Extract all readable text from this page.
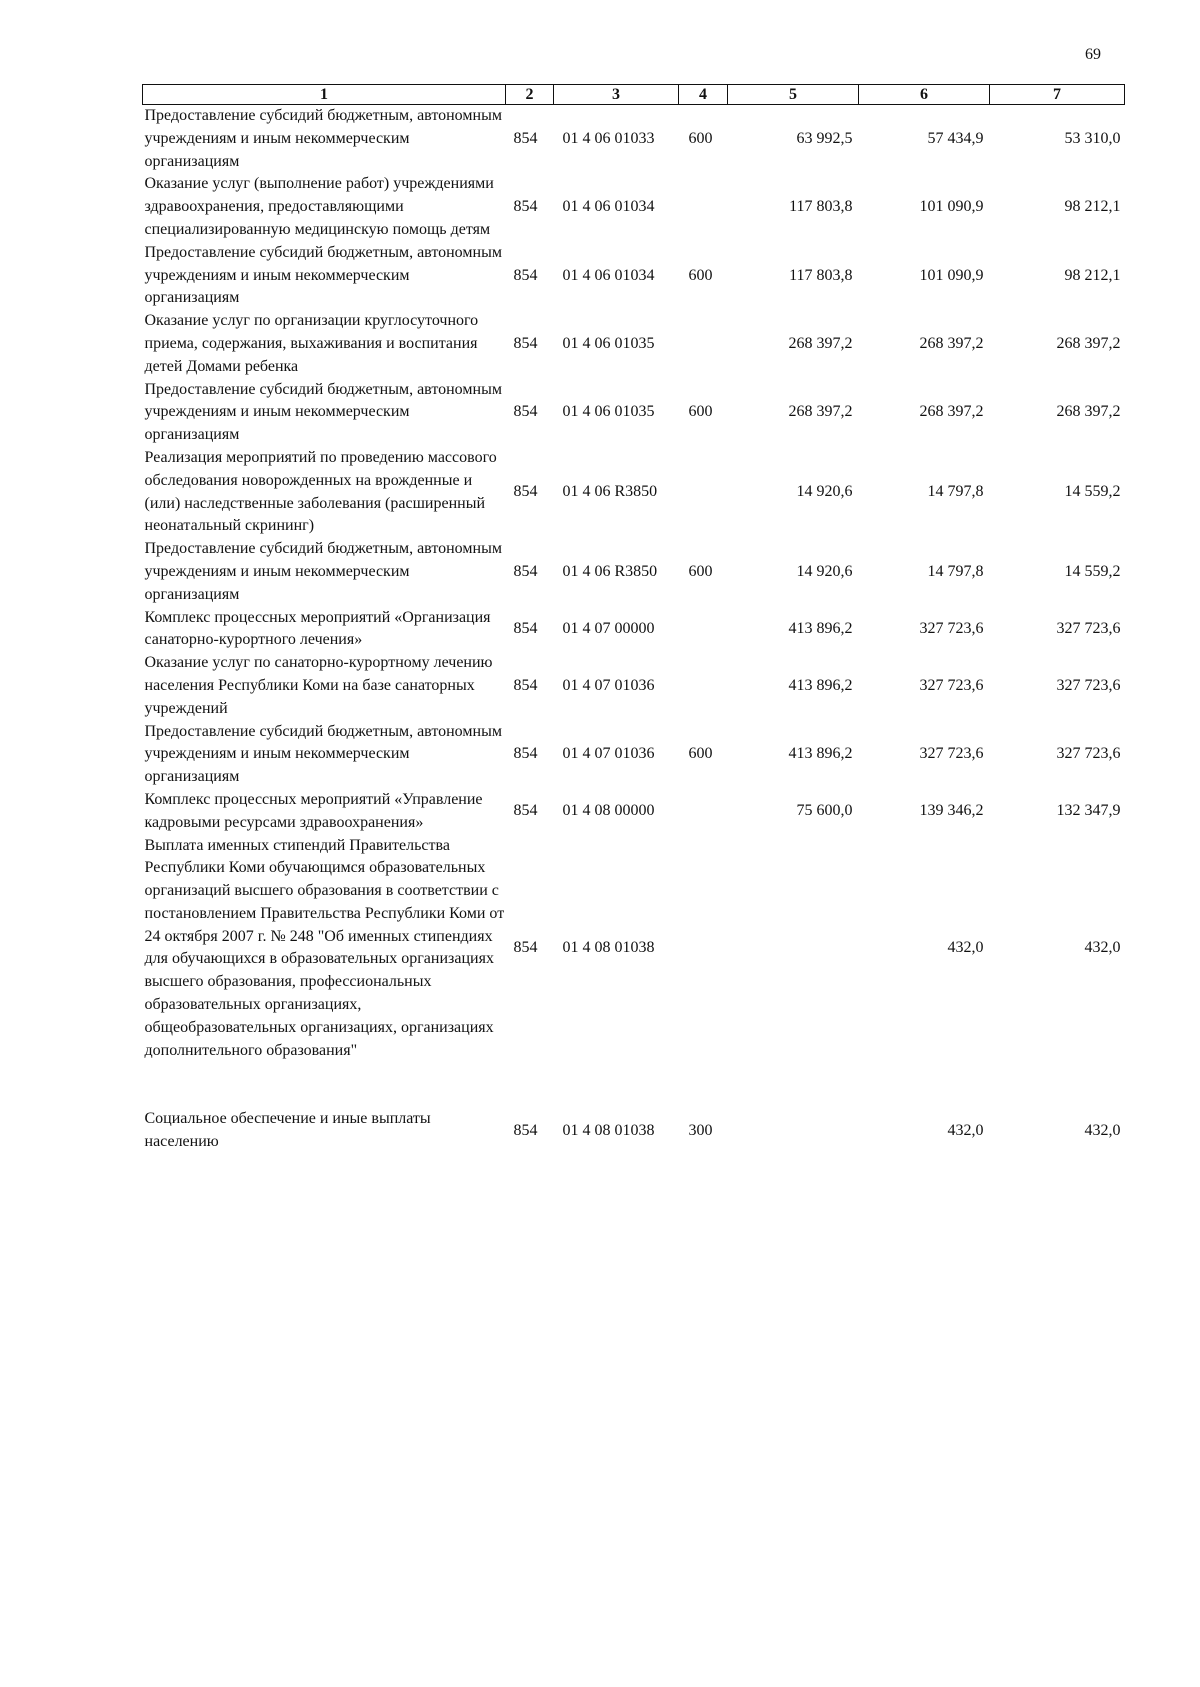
69
1	2	3	4	5	6	7
Предоставление субсидий бюджетным, автономным учреждениям и иным некоммерческим организациям	854	01 4 06 01033	600	63 992,5	57 434,9	53 310,0
Оказание услуг (выполнение работ) учреждениями здравоохранения, предоставляющими специализированную медицинскую помощь детям	854	01 4 06 01034		117 803,8	101 090,9	98 212,1
Предоставление субсидий бюджетным, автономным учреждениям и иным некоммерческим организациям	854	01 4 06 01034	600	117 803,8	101 090,9	98 212,1
Оказание услуг по организации круглосуточного приема, содержания, выхаживания и воспитания детей Домами ребенка	854	01 4 06 01035		268 397,2	268 397,2	268 397,2
Предоставление субсидий бюджетным, автономным учреждениям и иным некоммерческим организациям	854	01 4 06 01035	600	268 397,2	268 397,2	268 397,2
Реализация мероприятий по проведению массового обследования новорожденных на врожденные и (или) наследственные заболевания (расширенный неонатальный скрининг)	854	01 4 06 R3850		14 920,6	14 797,8	14 559,2
Предоставление субсидий бюджетным, автономным учреждениям и иным некоммерческим организациям	854	01 4 06 R3850	600	14 920,6	14 797,8	14 559,2
Комплекс процессных мероприятий «Организация санаторно-курортного лечения»	854	01 4 07 00000		413 896,2	327 723,6	327 723,6
Оказание услуг по санаторно-курортному лечению населения Республики Коми на базе санаторных учреждений	854	01 4 07 01036		413 896,2	327 723,6	327 723,6
Предоставление субсидий бюджетным, автономным учреждениям и иным некоммерческим организациям	854	01 4 07 01036	600	413 896,2	327 723,6	327 723,6
Комплекс процессных мероприятий «Управление кадровыми ресурсами здравоохранения»	854	01 4 08 00000		75 600,0	139 346,2	132 347,9
Выплата именных стипендий Правительства Республики Коми обучающимся образовательных организаций высшего образования в соответствии с постановлением Правительства Республики Коми от 24 октября 2007 г. № 248 "Об именных стипендиях для обучающихся в образовательных организациях высшего образования, профессиональных образовательных организациях, общеобразовательных организациях, организациях дополнительного образования"	854	01 4 08 01038			432,0	432,0

Социальное обеспечение и иные выплаты населению	854	01 4 08 01038	300		432,0	432,0
